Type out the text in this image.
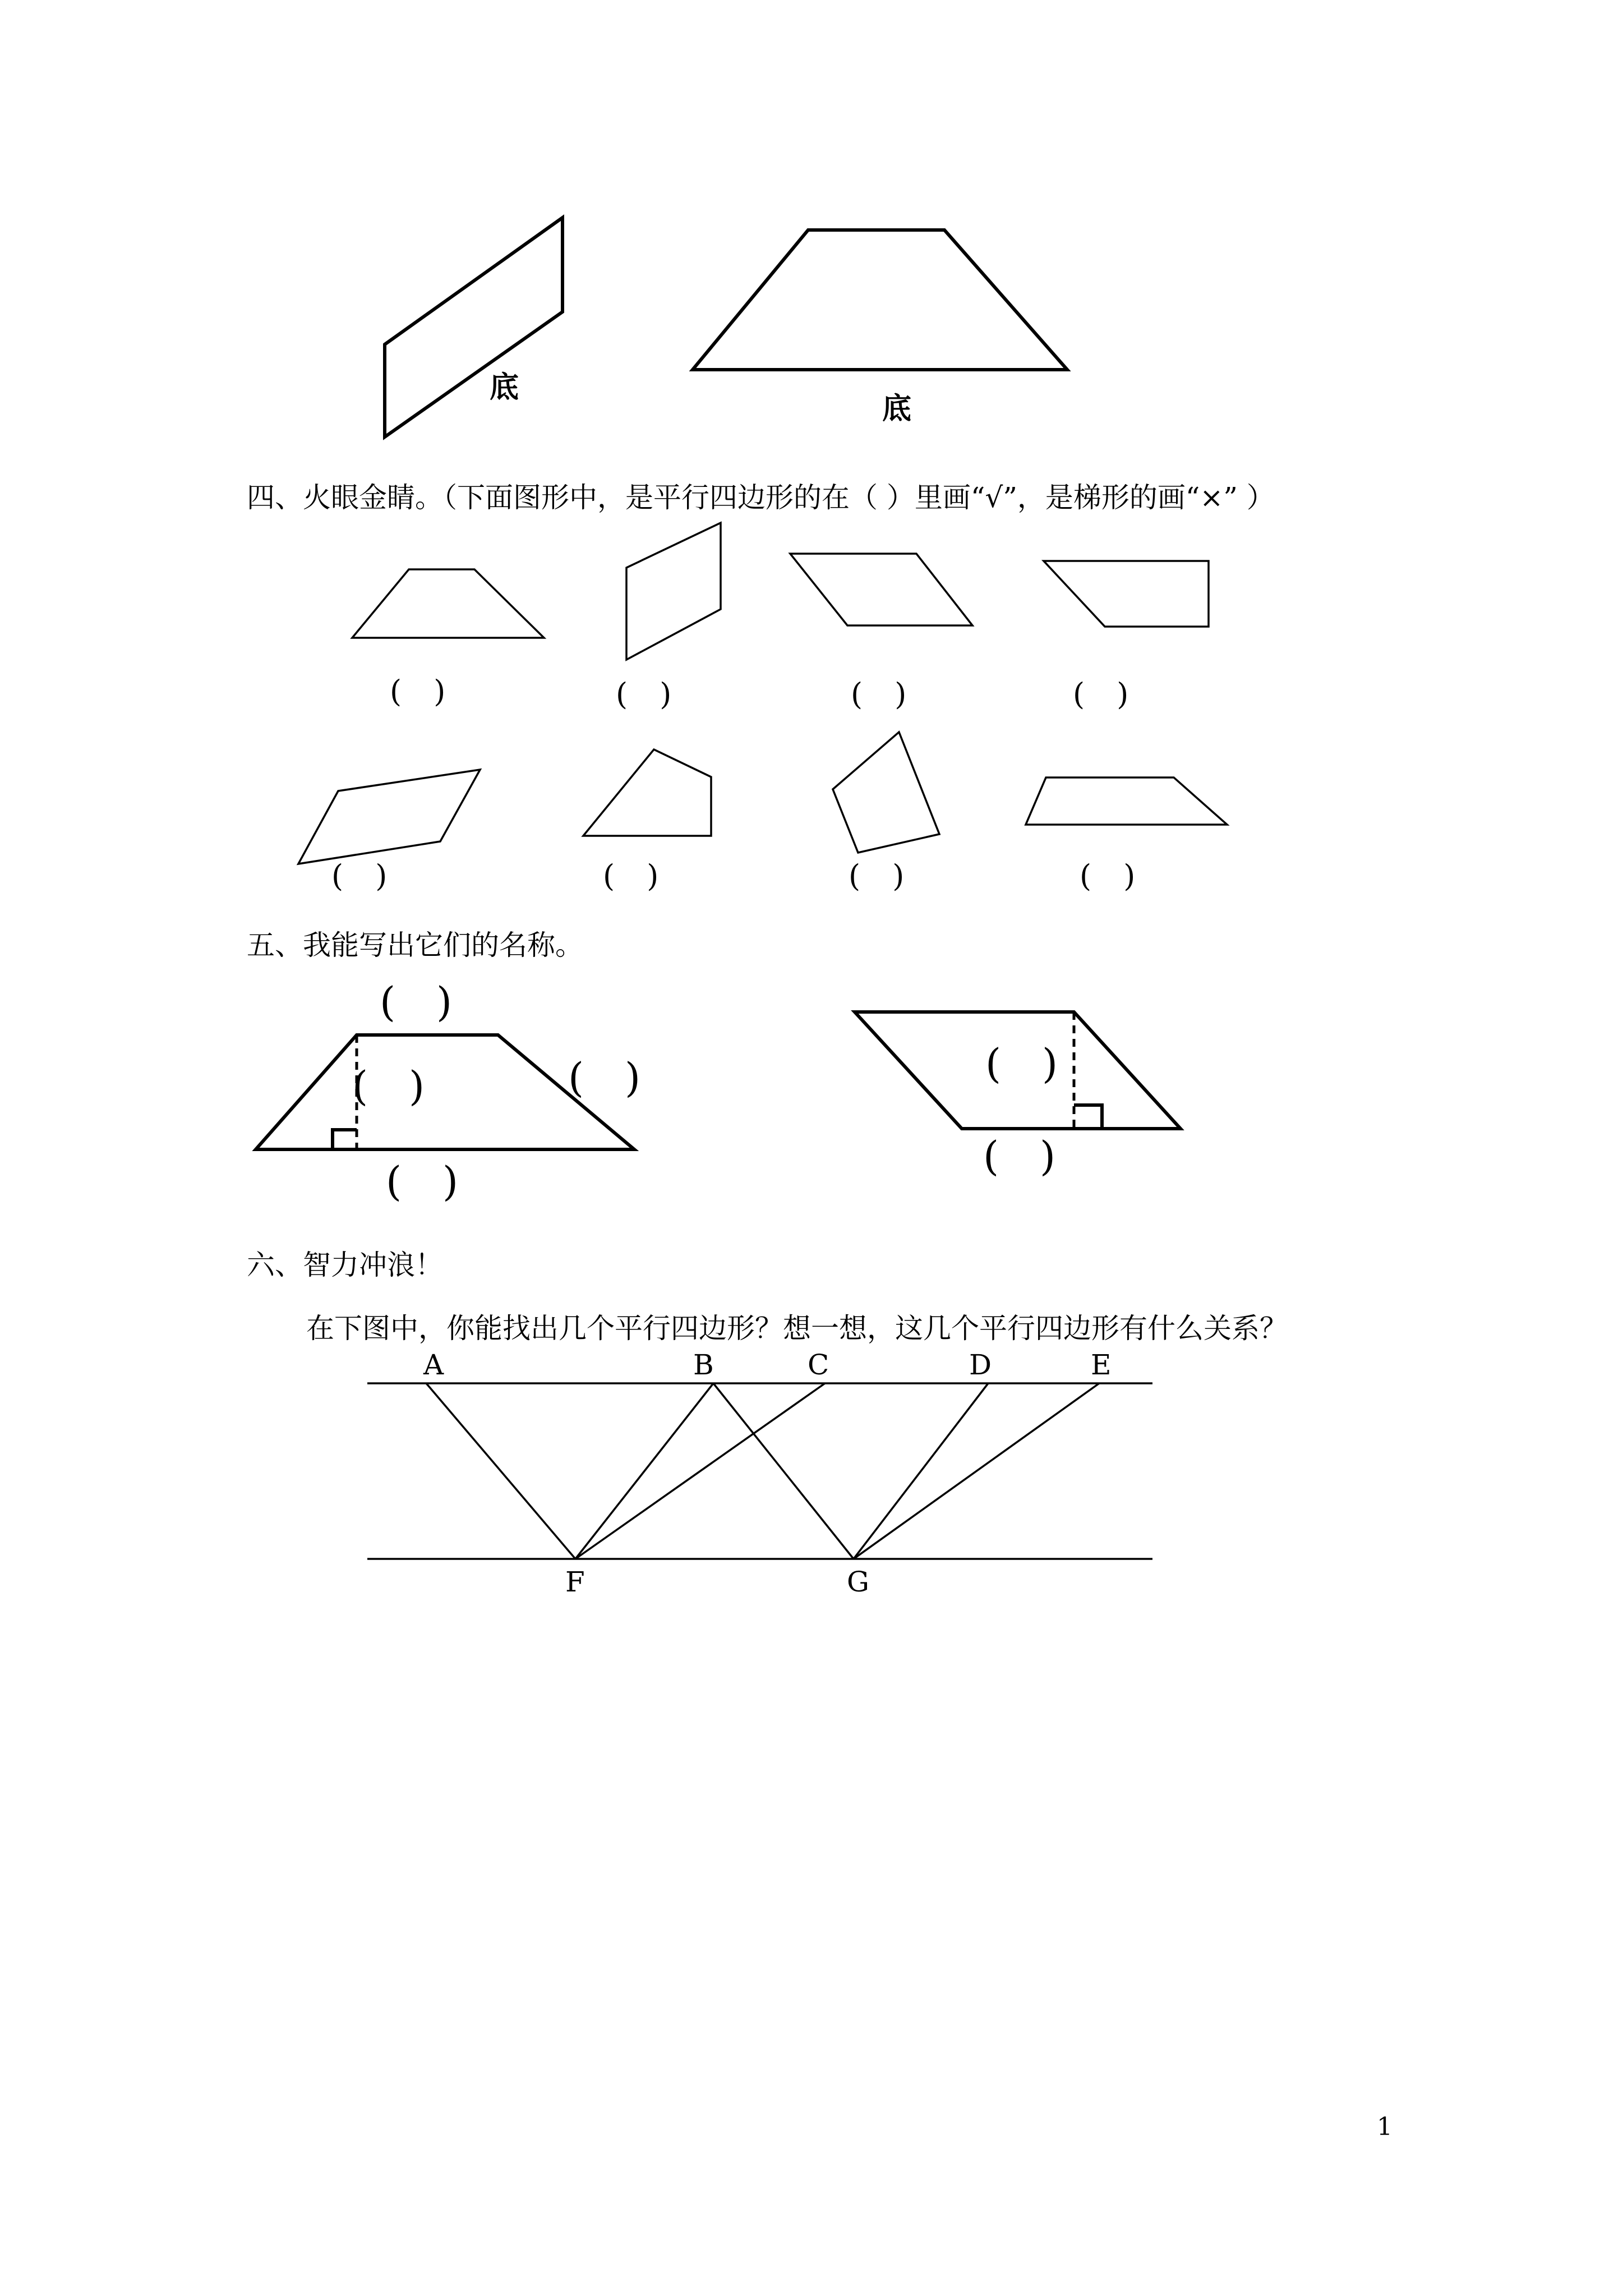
底
底
四、火眼金睛。（下面图形中，是平行四边形的在（ ）里画“√”，是梯形的画“×” ）
( )	( )	( )	( )
( )	( )	( )	( )
五、我能写出它们的名称。
( )
( )	( )
( )
( )
( )
六、智力冲浪！
在下图中，你能找出几个平行四边形？想一想，这几个平行四边形有什么关系？
A	B	C	D	E
F	G
1
